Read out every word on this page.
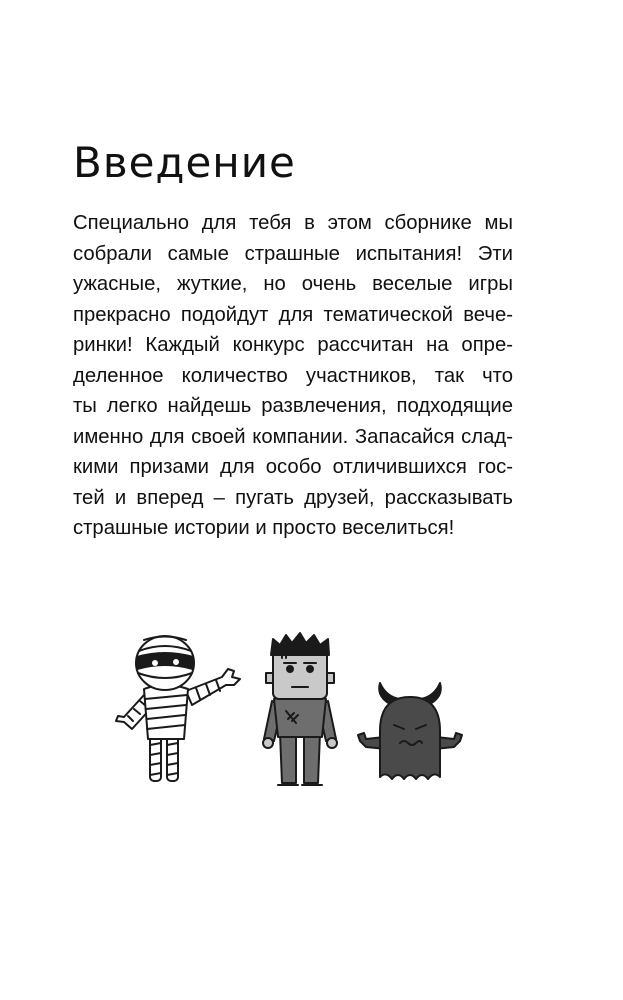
Введение
Специально для тебя в этом сборнике мы
собрали самые страшные испытания! Эти
ужасные, жуткие, но очень веселые игры
прекрасно подойдут для тематической вече-
ринки! Каждый конкурс рассчитан на опре-
деленное количество участников, так что
ты легко найдешь развлечения, подходящие
именно для своей компании. Запасайся слад-
кими призами для особо отличившихся гос-
тей и вперед – пугать друзей, рассказывать
страшные истории и просто веселиться!
